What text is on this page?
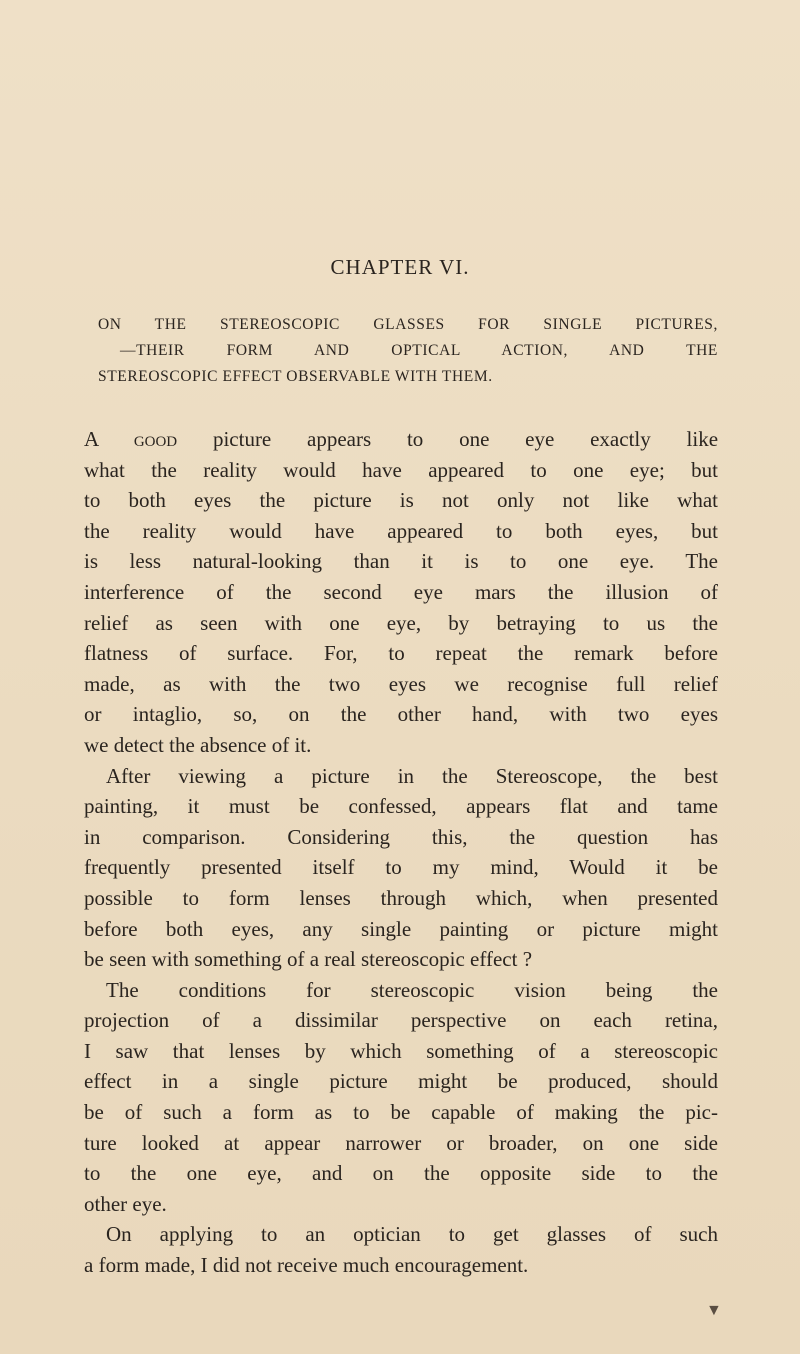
CHAPTER VI.
ON THE STEREOSCOPIC GLASSES FOR SINGLE PICTURES,
—THEIR FORM AND OPTICAL ACTION, AND THE
STEREOSCOPIC EFFECT OBSERVABLE WITH THEM.

A good picture appears to one eye exactly like
what the reality would have appeared to one eye; but
to both eyes the picture is not only not like what
the reality would have appeared to both eyes, but
is less natural-looking than it is to one eye. The
interference of the second eye mars the illusion of
relief as seen with one eye, by betraying to us the
flatness of surface. For, to repeat the remark before
made, as with the two eyes we recognise full relief
or intaglio, so, on the other hand, with two eyes
we detect the absence of it.

After viewing a picture in the Stereoscope, the best
painting, it must be confessed, appears flat and tame
in comparison. Considering this, the question has
frequently presented itself to my mind, Would it be
possible to form lenses through which, when presented
before both eyes, any single painting or picture might
be seen with something of a real stereoscopic effect ?

The conditions for stereoscopic vision being the
projection of a dissimilar perspective on each retina,
I saw that lenses by which something of a stereoscopic
effect in a single picture might be produced, should
be of such a form as to be capable of making the pic-
ture looked at appear narrower or broader, on one side
to the one eye, and on the opposite side to the
other eye.

On applying to an optician to get glasses of such
a form made, I did not receive much encouragement.

▼
